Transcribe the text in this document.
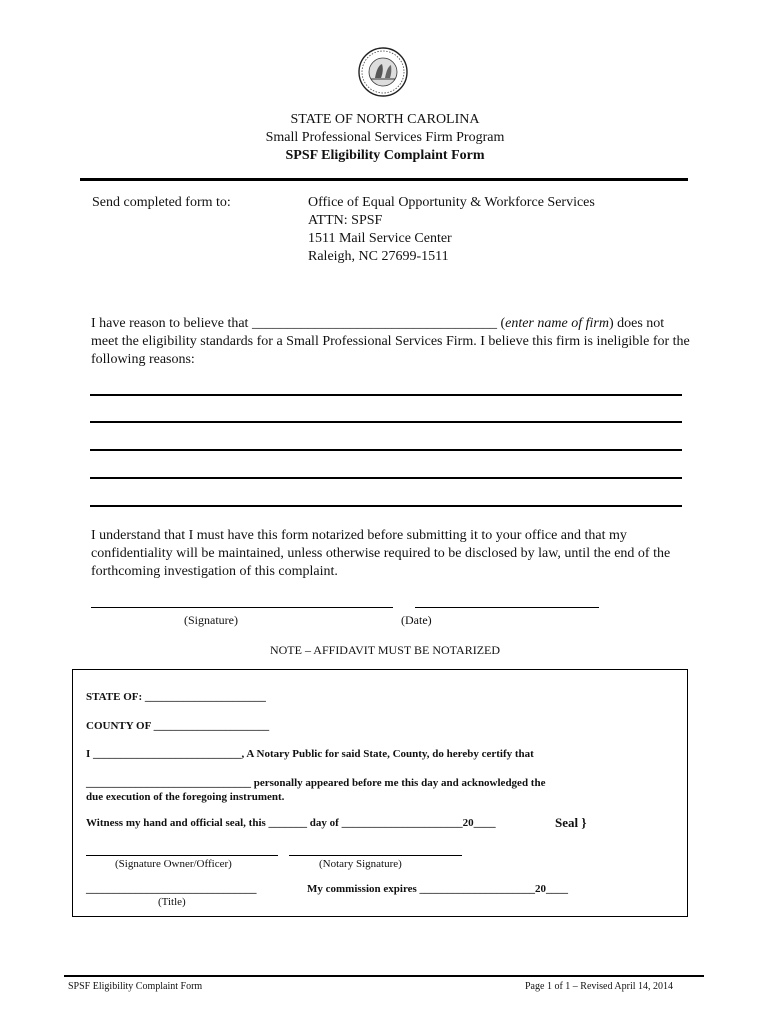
STATE OF NORTH CAROLINA
Small Professional Services Firm Program
SPSF Eligibility Complaint Form
Send completed form to:	Office of Equal Opportunity & Workforce Services
ATTN: SPSF
1511 Mail Service Center
Raleigh, NC 27699-1511
I have reason to believe that ___________________________________ (enter name of firm) does not meet the eligibility standards for a Small Professional Services Firm. I believe this firm is ineligible for the following reasons:
I understand that I must have this form notarized before submitting it to your office and that my confidentiality will be maintained, unless otherwise required to be disclosed by law, until the end of the forthcoming investigation of this complaint.
(Signature)	(Date)
NOTE – AFFIDAVIT MUST BE NOTARIZED
STATE OF: ______________________
COUNTY OF _____________________
I ___________________________, A Notary Public for said State, County, do hereby certify that
______________________________ personally appeared before me this day and acknowledged the
due execution of the foregoing instrument.
Witness my hand and official seal, this _______ day of ______________________20____	Seal }
(Signature Owner/Officer)	(Notary Signature)
_______________________________	My commission expires _____________________20____
(Title)
SPSF Eligibility Complaint Form	Page 1 of 1 – Revised April 14, 2014
